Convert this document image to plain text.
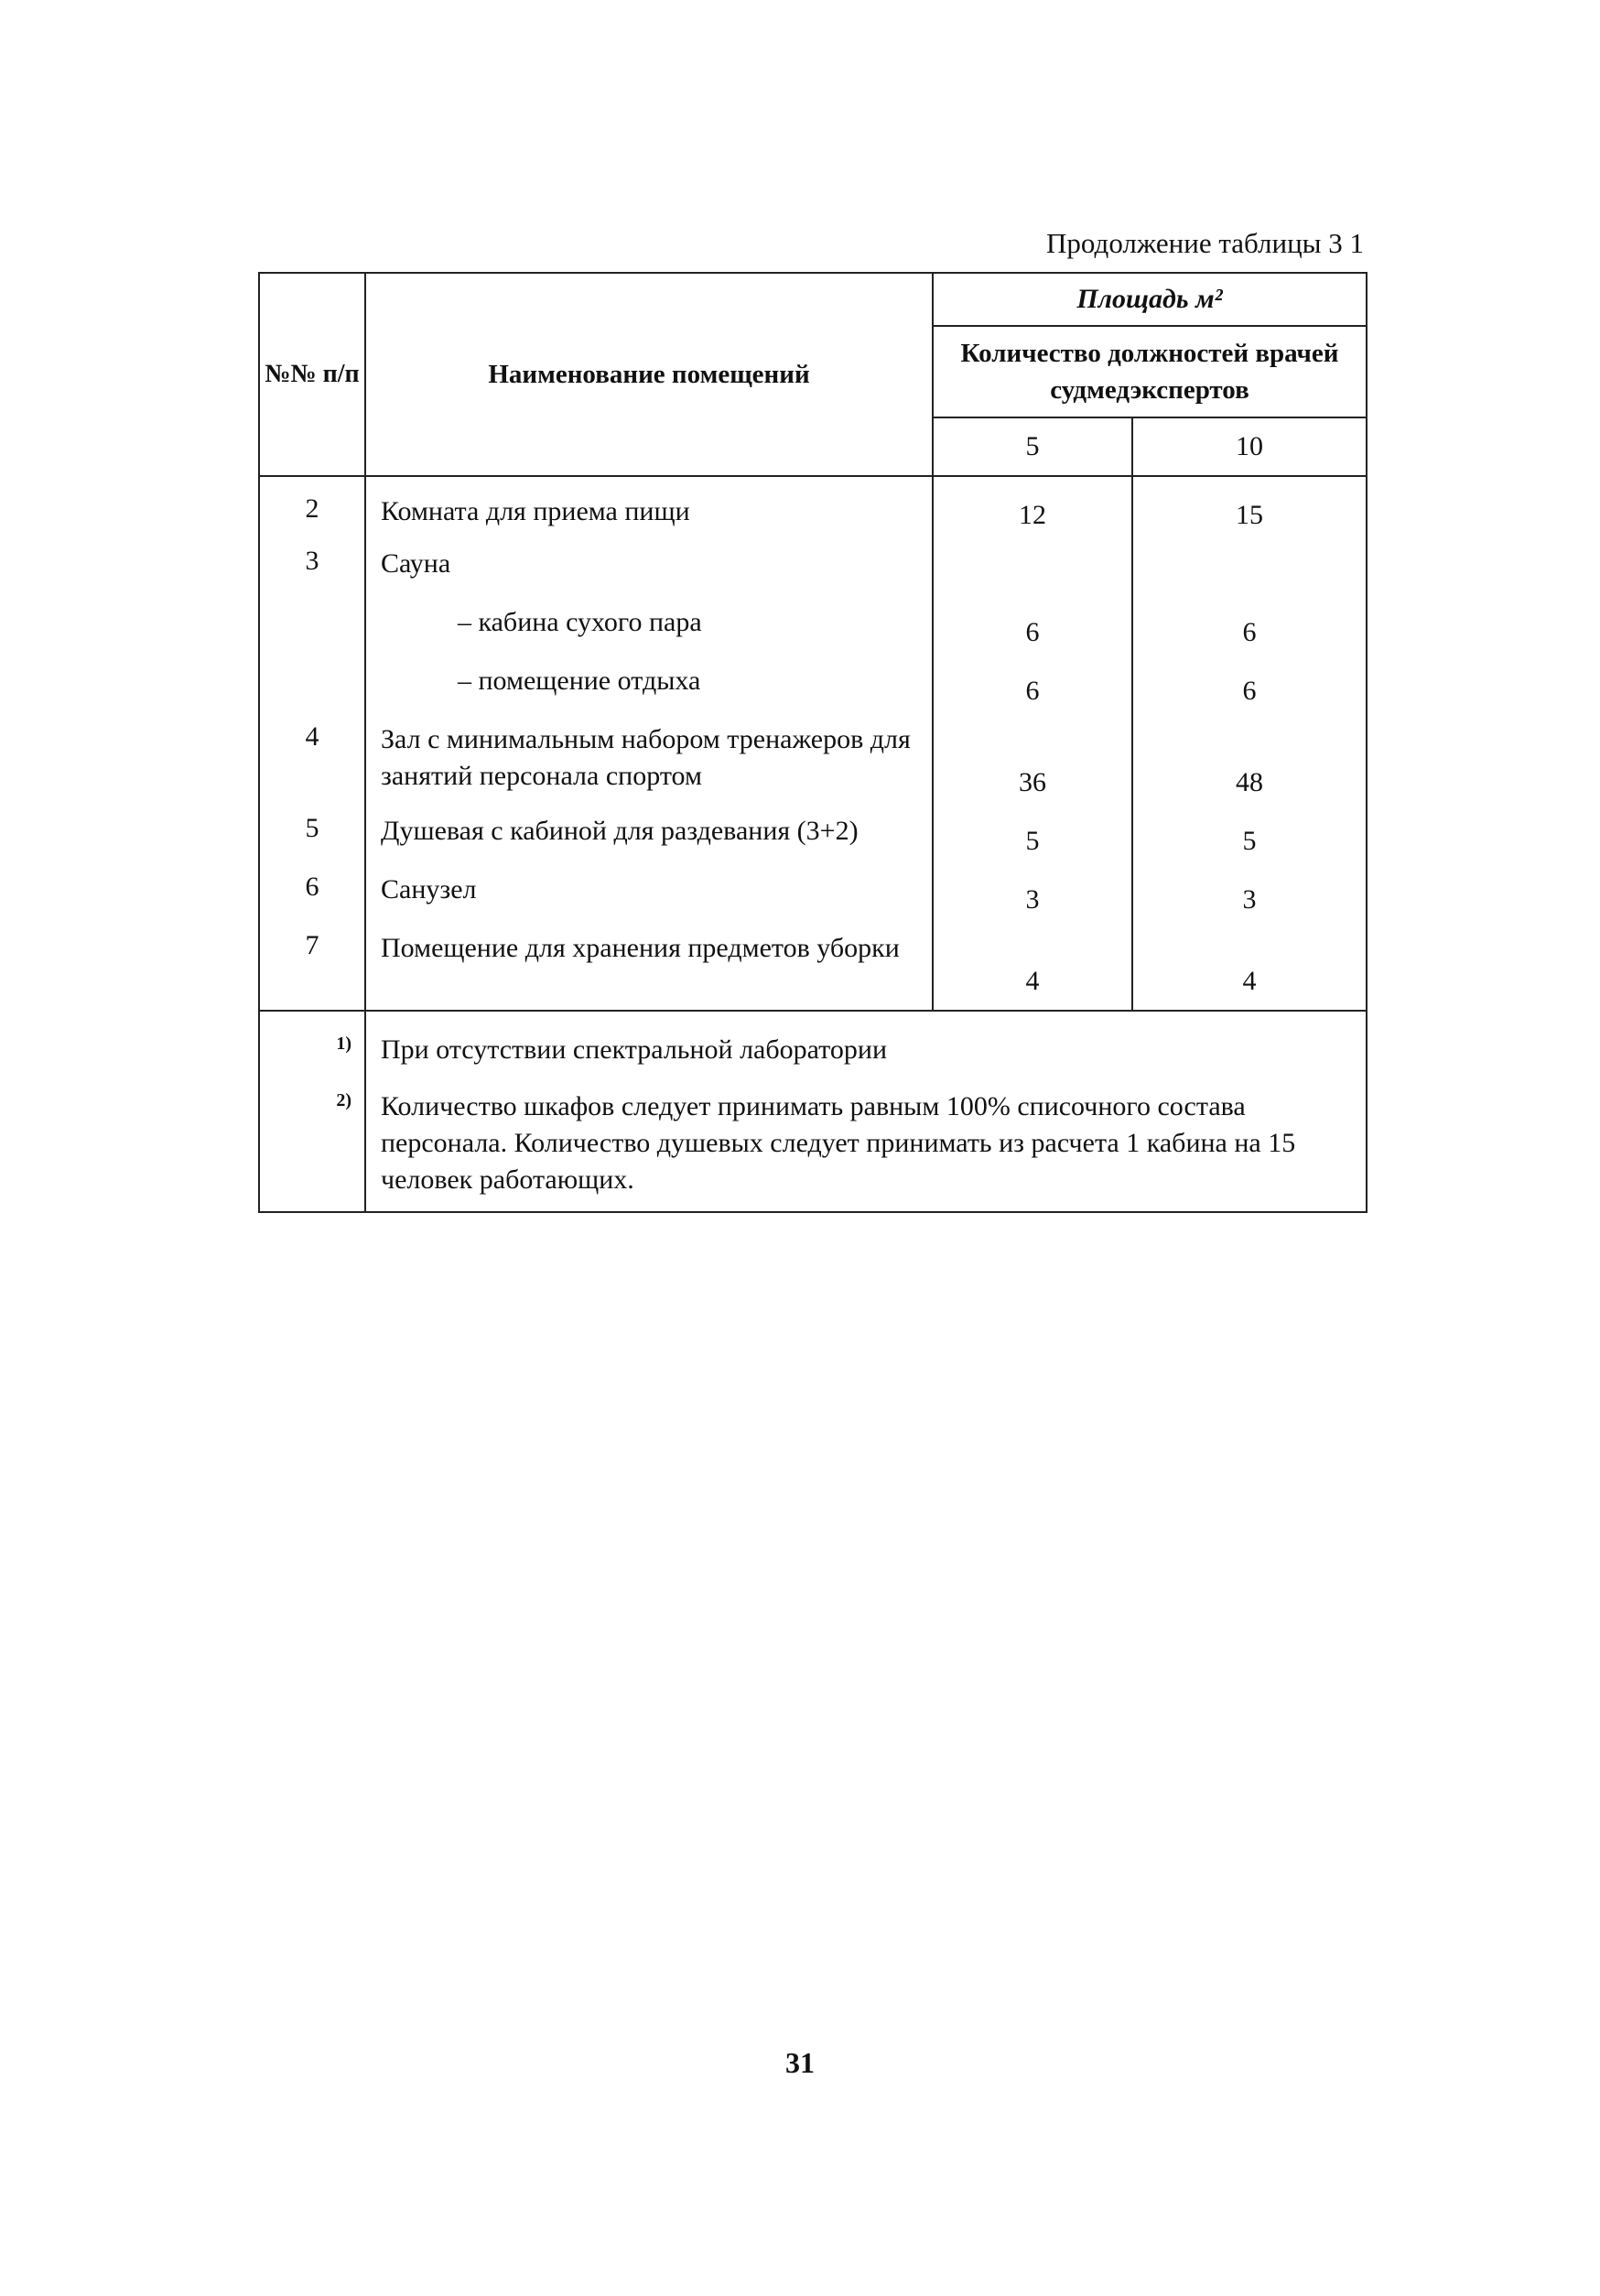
Продолжение таблицы 3 1
№№ п/п	Наименование помещений	Площадь м²	
		Количество должностей врачей судмедэкспертов	
		5	10
2	Комната для приема пищи	12	15
3	Сауна		
	– кабина сухого пара	6	6
	– помещение отдыха	6	6
4	Зал с минимальным набором тренажеров для занятий персонала спортом	36	48
5	Душевая с кабиной для раздевания (3+2)	5	5
6	Санузел	3	3
7	Помещение для хранения предметов уборки	4	4
1)	При отсутствии спектральной лаборатории		
2)	Количество шкафов следует принимать равным 100% списочного состава персонала. Количество душевых следует принимать из расчета 1 кабина на 15 человек работающих.		
31
